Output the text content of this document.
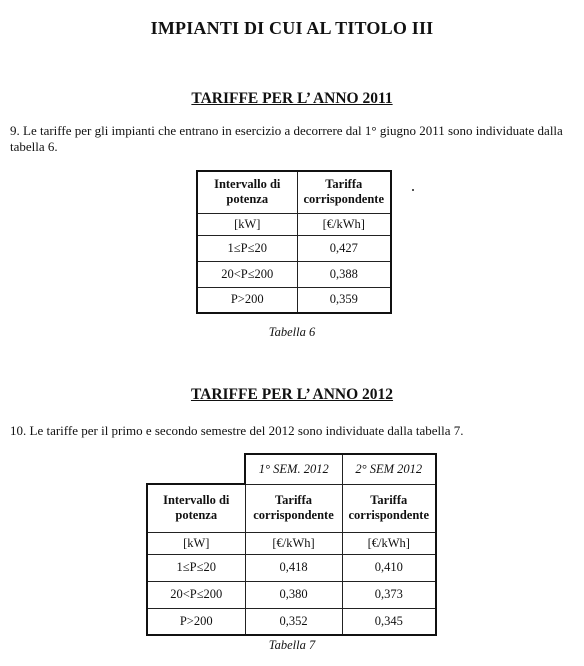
IMPIANTI DI CUI AL TITOLO III
TARIFFE PER L’ ANNO 2011
9. Le tariffe per gli impianti che entrano in esercizio a decorrere dal 1° giugno 2011 sono individuate dalla tabella 6.
Intervallo di potenza	Tariffa corrispondente
[kW]	[€/kWh]
1≤P≤20	0,427
20<P≤200	0,388
P>200	0,359
Tabella 6
TARIFFE PER L’ ANNO 2012
10. Le tariffe per il primo e secondo semestre del 2012 sono individuate dalla tabella 7.
	1° SEM. 2012	2° SEM 2012
Intervallo di potenza	Tariffa corrispondente	Tariffa corrispondente
[kW]	[€/kWh]	[€/kWh]
1≤P≤20	0,418	0,410
20<P≤200	0,380	0,373
P>200	0,352	0,345
Tabella 7
